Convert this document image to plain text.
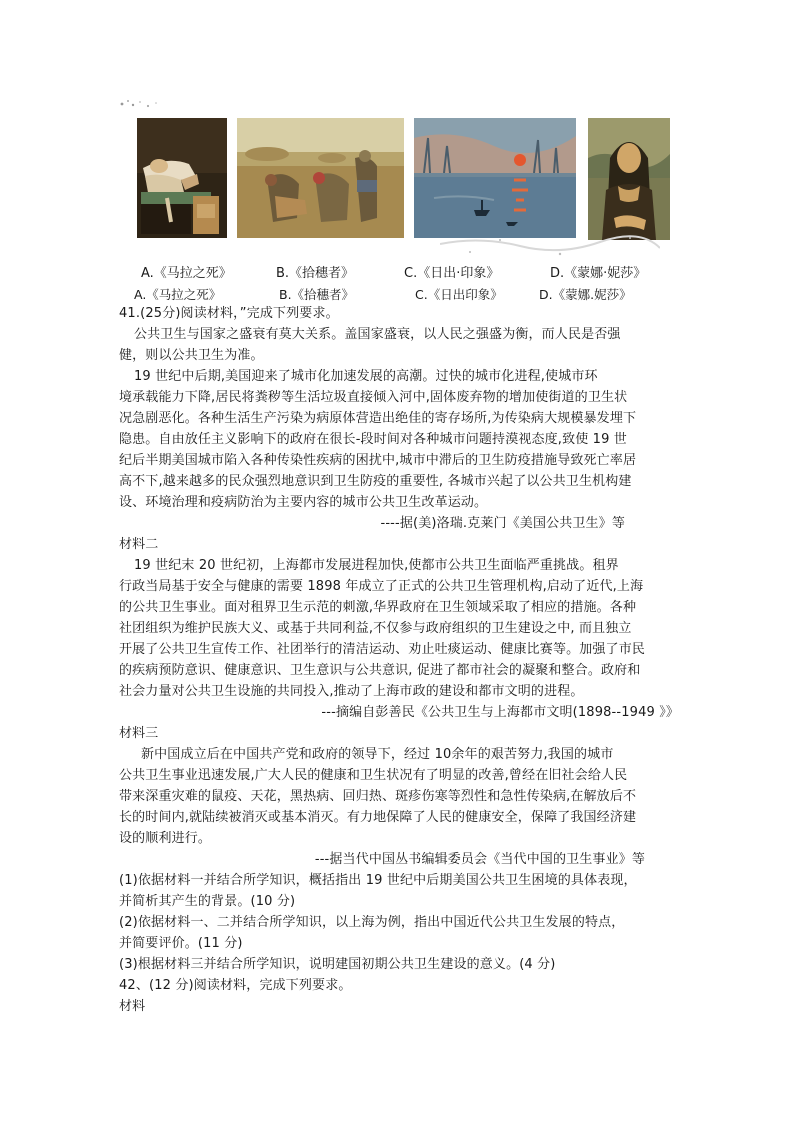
A.《马拉之死》	B.《拾穗者》	C.《日出·印象》	D.《蒙娜·妮莎》
A.《马拉之死》	B.《拾穗者》	C.《日出印象》	D.《蒙娜.妮莎》
41.(25分)阅读材料，”完成下列要求。
公共卫生与国家之盛衰有莫大关系。盖国家盛衰，以人民之强盛为衡，而人民是否强
健，则以公共卫生为准。
19 世纪中后期,美国迎来了城市化加速发展的高潮。过快的城市化进程,使城市环
境承载能力下降,居民将粪秽等生活垃圾直接倾入河中,固体废弃物的增加使街道的卫生状
况急剧恶化。各种生活生产污染为病原体营造出绝佳的寄存场所,为传染病大规模暴发埋下
隐患。自由放任主义影响下的政府在很长-段时间对各种城市问题持漠视态度,致使 19 世
纪后半期美国城市陷入各种传染性疾病的困扰中,城市中滞后的卫生防疫措施导致死亡率居
高不下,越来越多的民众强烈地意识到卫生防疫的重要性, 各城市兴起了以公共卫生机构建
设、环境治理和疫病防治为主要内容的城市公共卫生改革运动。
----据(美)洛瑞.克莱门《美国公共卫生》等
材料二
19 世纪末 20 世纪初，上海都市发展进程加快,使都市公共卫生面临严重挑战。租界
行政当局基于安全与健康的需要 1898 年成立了正式的公共卫生管理机构,启动了近代,上海
的公共卫生事业。面对租界卫生示范的刺激,华界政府在卫生领域采取了相应的措施。各种
社团组织为维护民族大义、或基于共同利益,不仅参与政府组织的卫生建设之中, 而且独立
开展了公共卫生宣传工作、社团举行的清洁运动、劝止吐痰运动、健康比赛等。加强了市民
的疾病预防意识、健康意识、卫生意识与公共意识, 促进了都市社会的凝聚和整合。政府和
社会力量对公共卫生设施的共同投入,推动了上海市政的建设和都市文明的进程。
---摘编自彭善民《公共卫生与上海都市文明(1898--1949 》》
材料三
新中国成立后在中国共产党和政府的领导下，经过 10余年的艰苦努力,我国的城市
公共卫生事业迅速发展,广大人民的健康和卫生状况有了明显的改善,曾经在旧社会给人民
带来深重灾难的鼠疫、天花，黑热病、回归热、斑疹伤寒等烈性和急性传染病,在解放后不
长的时间内,就陆续被消灭或基本消灭。有力地保障了人民的健康安全，保障了我国经济建
设的顺利进行。
---据当代中国丛书编辑委员会《当代中国的卫生事业》等
(1)依据材料一并结合所学知识，概括指出 19 世纪中后期美国公共卫生困境的具体表现，
并简析其产生的背景。(10 分)
(2)依据材料一、二并结合所学知识，以上海为例，指出中国近代公共卫生发展的特点，
并简要评价。(11 分)
(3)根据材料三并结合所学知识，说明建国初期公共卫生建设的意义。(4 分)
42、(12 分)阅读材料，完成下列要求。
材料
